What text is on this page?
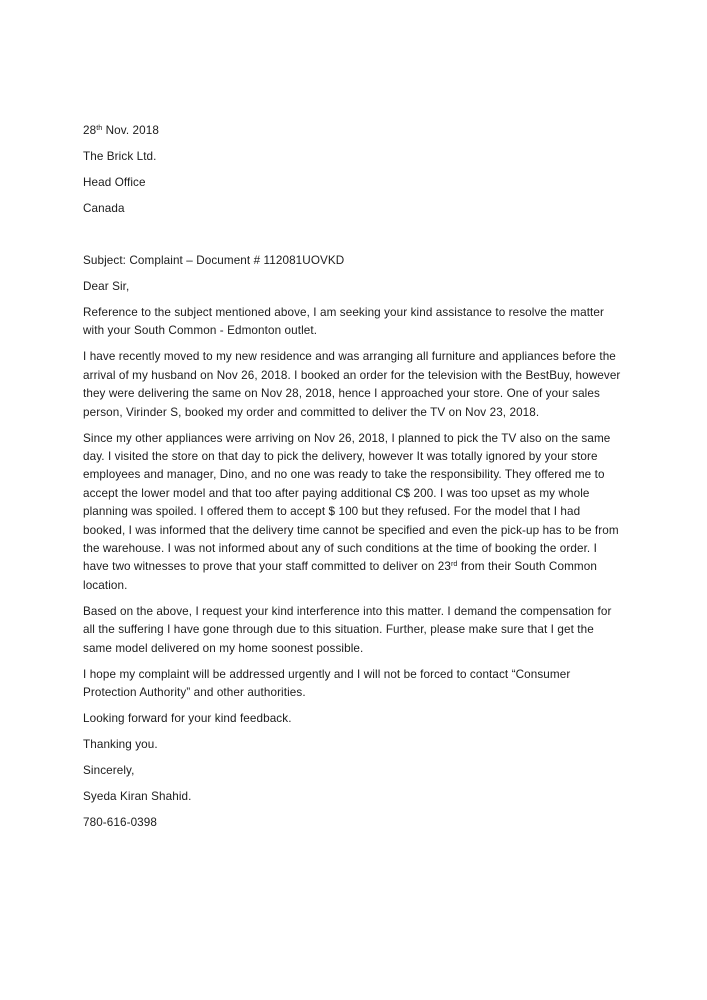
28th Nov. 2018

The Brick Ltd.

Head Office

Canada

Subject: Complaint – Document # 112081UOVKD

Dear Sir,

Reference to the subject mentioned above, I am seeking your kind assistance to resolve the matter with your South Common - Edmonton outlet.

I have recently moved to my new residence and was arranging all furniture and appliances before the arrival of my husband on Nov 26, 2018. I booked an order for the television with the BestBuy, however they were delivering the same on Nov 28, 2018, hence I approached your store. One of your sales person, Virinder S, booked my order and committed to deliver the TV on Nov 23, 2018.

Since my other appliances were arriving on Nov 26, 2018, I planned to pick the TV also on the same day. I visited the store on that day to pick the delivery, however It was totally ignored by your store employees and manager, Dino, and no one was ready to take the responsibility. They offered me to accept the lower model and that too after paying additional C$ 200. I was too upset as my whole planning was spoiled. I offered them to accept $ 100 but they refused. For the model that I had booked, I was informed that the delivery time cannot be specified and even the pick-up has to be from the warehouse. I was not informed about any of such conditions at the time of booking the order. I have two witnesses to prove that your staff committed to deliver on 23rd from their South Common location.

Based on the above, I request your kind interference into this matter. I demand the compensation for all the suffering I have gone through due to this situation. Further, please make sure that I get the same model delivered on my home soonest possible.

I hope my complaint will be addressed urgently and I will not be forced to contact “Consumer Protection Authority” and other authorities.

Looking forward for your kind feedback.

Thanking you.

Sincerely,

Syeda Kiran Shahid.

780-616-0398
